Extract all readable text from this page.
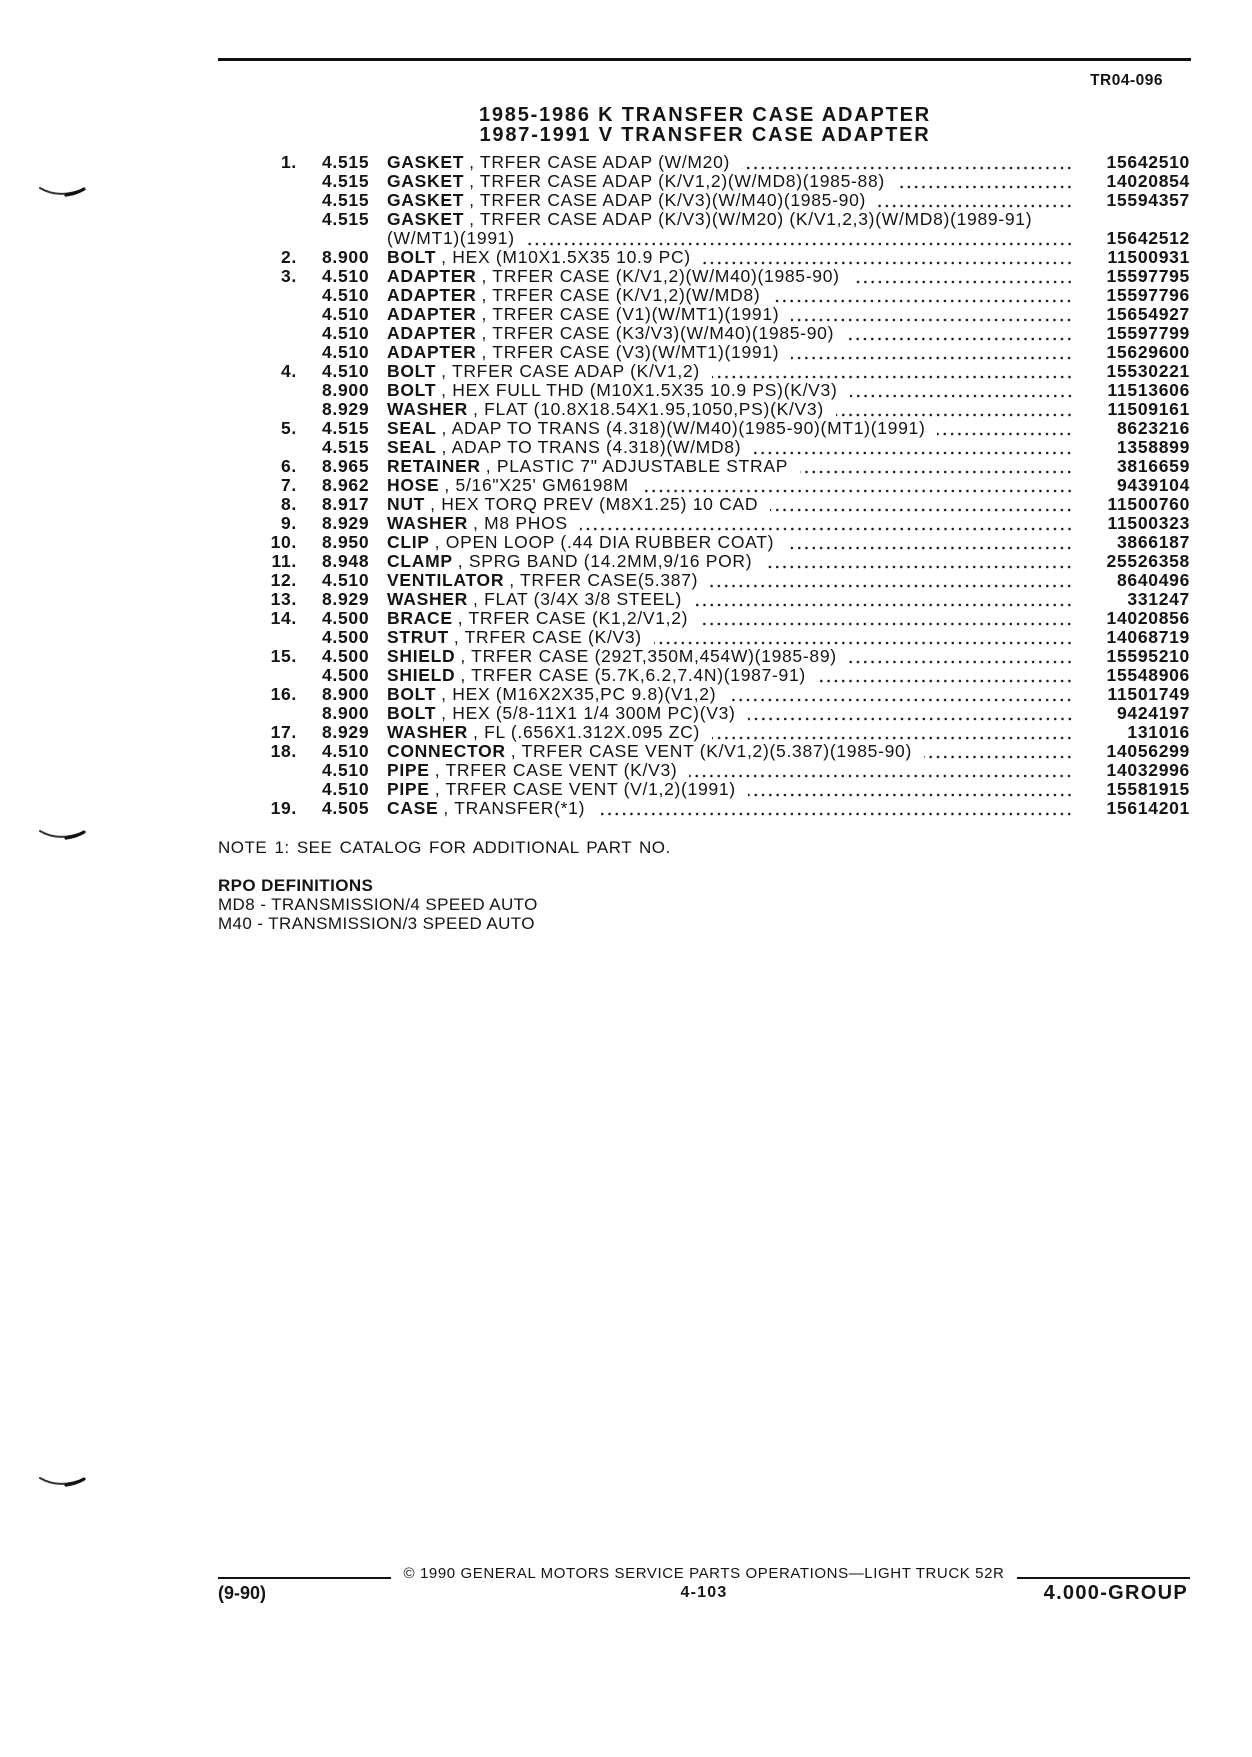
TR04-096
1985-1986 K TRANSFER CASE ADAPTER
1987-1991 V TRANSFER CASE ADAPTER
1.	4.515	GASKET , TRFER CASE ADAP (W/M20)	15642510
4.515	GASKET , TRFER CASE ADAP (K/V1,2)(W/MD8)(1985-88)	14020854
4.515	GASKET , TRFER CASE ADAP (K/V3)(W/M40)(1985-90)	15594357
4.515	GASKET , TRFER CASE ADAP (K/V3)(W/M20) (K/V1,2,3)(W/MD8)(1989-91)
(W/MT1)(1991)	15642512
2.	8.900	BOLT , HEX (M10X1.5X35 10.9 PC)	11500931
3.	4.510	ADAPTER , TRFER CASE (K/V1,2)(W/M40)(1985-90)	15597795
4.510	ADAPTER , TRFER CASE (K/V1,2)(W/MD8)	15597796
4.510	ADAPTER , TRFER CASE (V1)(W/MT1)(1991)	15654927
4.510	ADAPTER , TRFER CASE (K3/V3)(W/M40)(1985-90)	15597799
4.510	ADAPTER , TRFER CASE (V3)(W/MT1)(1991)	15629600
4.	4.510	BOLT , TRFER CASE ADAP (K/V1,2)	15530221
8.900	BOLT , HEX FULL THD (M10X1.5X35 10.9 PS)(K/V3)	11513606
8.929	WASHER , FLAT (10.8X18.54X1.95,1050,PS)(K/V3)	11509161
5.	4.515	SEAL , ADAP TO TRANS (4.318)(W/M40)(1985-90)(MT1)(1991)	8623216
4.515	SEAL , ADAP TO TRANS (4.318)(W/MD8)	1358899
6.	8.965	RETAINER , PLASTIC 7" ADJUSTABLE STRAP	3816659
7.	8.962	HOSE , 5/16"X25' GM6198M	9439104
8.	8.917	NUT , HEX TORQ PREV (M8X1.25) 10 CAD	11500760
9.	8.929	WASHER , M8 PHOS	11500323
10.	8.950	CLIP , OPEN LOOP (.44 DIA RUBBER COAT)	3866187
11.	8.948	CLAMP , SPRG BAND (14.2MM,9/16 POR)	25526358
12.	4.510	VENTILATOR , TRFER CASE(5.387)	8640496
13.	8.929	WASHER , FLAT (3/4X 3/8 STEEL)	331247
14.	4.500	BRACE , TRFER CASE (K1,2/V1,2)	14020856
4.500	STRUT , TRFER CASE (K/V3)	14068719
15.	4.500	SHIELD , TRFER CASE (292T,350M,454W)(1985-89)	15595210
4.500	SHIELD , TRFER CASE (5.7K,6.2,7.4N)(1987-91)	15548906
16.	8.900	BOLT , HEX (M16X2X35,PC 9.8)(V1,2)	11501749
8.900	BOLT , HEX (5/8-11X1 1/4 300M PC)(V3)	9424197
17.	8.929	WASHER , FL (.656X1.312X.095 ZC)	131016
18.	4.510	CONNECTOR , TRFER CASE VENT (K/V1,2)(5.387)(1985-90)	14056299
4.510	PIPE , TRFER CASE VENT (K/V3)	14032996
4.510	PIPE , TRFER CASE VENT (V/1,2)(1991)	15581915
19.	4.505	CASE , TRANSFER(*1)	15614201
NOTE 1: SEE CATALOG FOR ADDITIONAL PART NO.
RPO DEFINITIONS
MD8 - TRANSMISSION/4 SPEED AUTO
M40 - TRANSMISSION/3 SPEED AUTO
© 1990 GENERAL MOTORS SERVICE PARTS OPERATIONS—LIGHT TRUCK 52R
(9-90)	4-103	4.000-GROUP
